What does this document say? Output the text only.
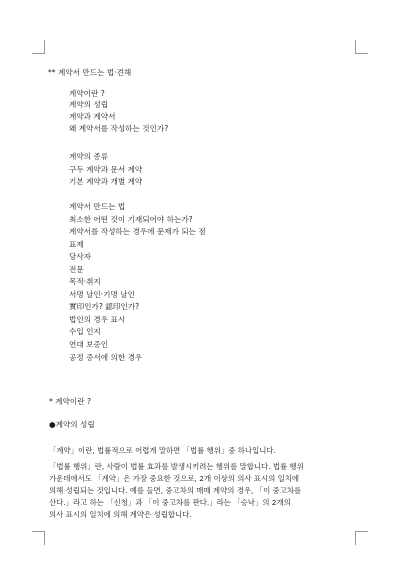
** 계약서 만드는 법·견해
계약이란 ?
계약의 성립
계약과 계약서
왜 계약서를 작성하는 것인가?
계약의 종류
구두 계약과 문서 계약
기본 계약과 개별 계약
계약서 만드는 법
최소한 어떤 것이 기재되어야 하는가?
계약서를 작성하는 경우에 문제가 되는 점
표제
당사자
전문
목적·취지
서명 날인·기명 날인
實印인가? 認印인가?
법인의 경우 표시
수입 인지
연대 보증인
공정 증서에 의한 경우
* 계약이란 ?
●계약의 성립
「계약」이란, 법률적으로 어렵게 말하면 「법률 행위」중 하나입니다.
「법률 행위」란, 사람이 법률 효과를 발생시키려는 행위를 말합니다. 법률 행위
가운데에서도 「계약」은 가장 중요한 것으로, 2개 이상의 의사 표시의 일치에
의해 성립되는 것입니다. 예를 들면, 중고차의 매매 계약의 경우, 「이 중고차를
산다.」라고 하는 「신청」과 「이 중고차를 판다.」라는 「승낙」의 2개의
의사 표시의 일치에 의해 계약은 성립합니다.
